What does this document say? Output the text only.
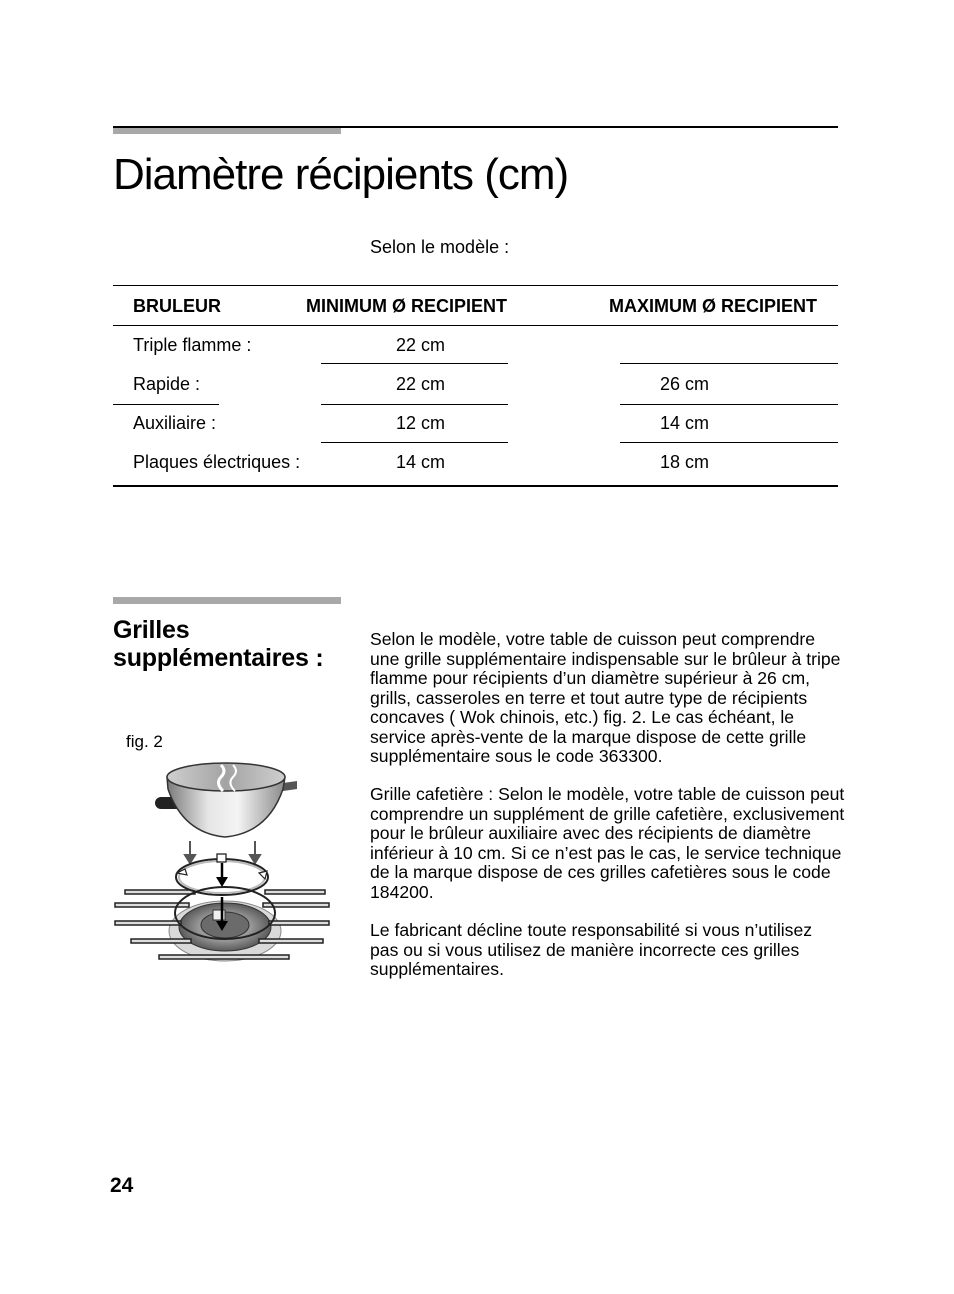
Diamètre récipients (cm)
Selon le modèle :
BRULEUR	MINIMUM Ø RECIPIENT	MAXIMUM Ø RECIPIENT
Triple flamme :	22 cm
Rapide :	22 cm	26 cm
Auxiliaire :	12 cm	14 cm
Plaques électriques :	14 cm	18 cm
Grilles
supplémentaires :
fig. 2
Selon le modèle, votre table de cuisson peut comprendre une grille supplémentaire indispensable sur le brûleur à tripe flamme pour récipients d’un diamètre supérieur à 26 cm, grills, casseroles en terre et tout autre type de récipients concaves ( Wok chinois, etc.) fig. 2. Le cas échéant, le service après-vente de la marque dispose de cette grille supplémentaire sous le code 363300.
Grille cafetière : Selon le modèle, votre table de cuisson peut comprendre un supplément de grille cafetière, exclusivement pour le brûleur auxiliaire avec des récipients de diamètre inférieur à 10 cm. Si ce n’est pas le cas, le service technique de la marque dispose de ces grilles cafetières sous le code 184200.
Le fabricant décline toute responsabilité si vous n’utilisez pas ou si vous utilisez de manière incorrecte ces grilles supplémentaires.
24
